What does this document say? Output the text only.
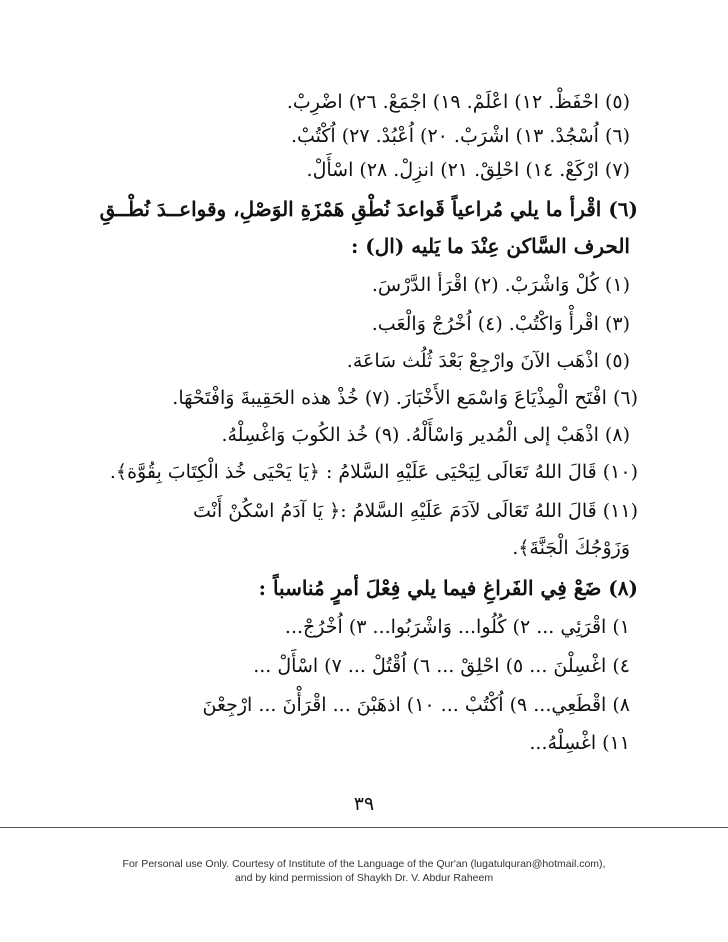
(٥) احْفَظْ. ١٢) اعْلَمْ. ١٩) اجْمَعْ. ٢٦) اضْرِبْ.
(٦) اُسْجُدْ. ١٣) اشْرَبْ. ٢٠) اُعْبُدْ. ٢٧) اُكْتُبْ.
(٧) ارْكَعْ. ١٤) احْلِقْ. ٢١) انزِلْ. ٢٨) اسْأَلْ.
(٦) اقْرأ ما يلي مُراعياً قَواعدَ نُطْقِ هَمْزَةِ الوَصْلِ، وقواعــدَ نُطْــقِ
الحرف السَّاكن عِنْدَ ما يَليه (ال) :
(١) كُلْ وَاشْرَبْ. (٢) اقْرَأ الدَّرْسَ.
(٣) اقْرأْ وَاكْتُبْ. (٤) اُخْرُجْ وَالْعَب.
(٥) اذْهَب الآنَ وارْجِعْ بَعْدَ ثُلُث سَاعَة.
(٦) افْتَح الْمِذْيَاعَ وَاسْمَع الأَخْبَارَ. (٧) خُذْ هذه الحَقِيبةَ وَافْتَحْهَا.
(٨) اذْهَبْ إلى الْمُدير وَاسْأَلْهُ. (٩) خُذ الكُوبَ وَاغْسِلْهُ.
(١٠) قَالَ اللهُ تَعَالَى لِيَحْيَى عَلَيْهِ السَّلامُ : ﴿يَا يَحْيَى خُذ الْكِتَابَ بِقُوَّة﴾.
(١١) قَالَ اللهُ تَعَالَى لآدَمَ عَلَيْهِ السَّلامُ :﴿ يَا آدَمُ اسْكُنْ أَنْتَ
وَزَوْجُكَ الْجَنَّةَ﴾.
(٨) ضَعْ فِي الفَراغِ فيما يلي فِعْلَ أمرٍ مُناسباً :
١) اقْرَئِي ... ٢) كُلُوا... وَاشْرَبُوا... ٣) اُخْرُجْ...
٤) اغْسِلْنَ ... ٥) احْلِقْ ... ٦) اُقْتُلْ ... ٧) اسْأَلْ ...
٨) اقْطَعِي... ٩) اُكْتُبْ ... ١٠) اذهَبْنَ ... اقْرَأْنَ ... ارْجِعْنَ
١١) اغْسِلْهُ...
٣٩
For Personal use Only. Courtesy of Institute of the Language of the Qur'an (lugatulquran@hotmail.com),
and by kind permission of Shaykh Dr. V. Abdur Raheem
